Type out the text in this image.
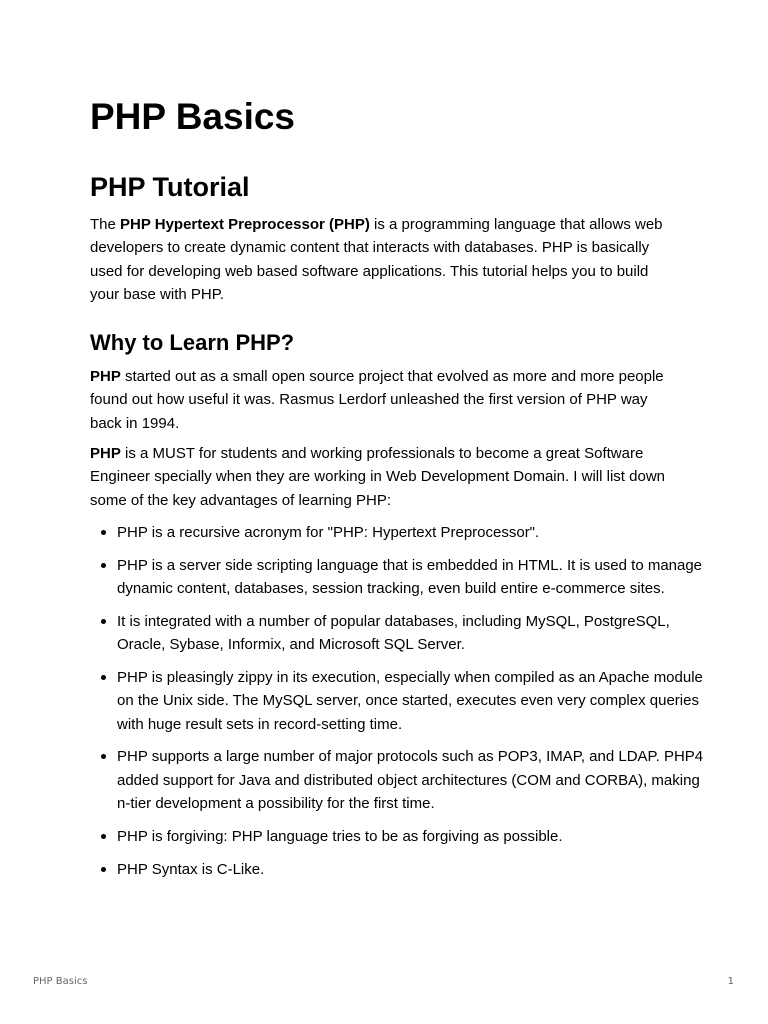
PHP Basics
PHP Tutorial

The PHP Hypertext Preprocessor (PHP) is a programming language that allows web developers to create dynamic content that interacts with databases. PHP is basically used for developing web based software applications. This tutorial helps you to build your base with PHP.

Why to Learn PHP?

PHP started out as a small open source project that evolved as more and more people found out how useful it was. Rasmus Lerdorf unleashed the first version of PHP way back in 1994.

PHP is a MUST for students and working professionals to become a great Software Engineer specially when they are working in Web Development Domain. I will list down some of the key advantages of learning PHP:

PHP is a recursive acronym for "PHP: Hypertext Preprocessor".
PHP is a server side scripting language that is embedded in HTML. It is used to manage dynamic content, databases, session tracking, even build entire e-commerce sites.
It is integrated with a number of popular databases, including MySQL, PostgreSQL, Oracle, Sybase, Informix, and Microsoft SQL Server.
PHP is pleasingly zippy in its execution, especially when compiled as an Apache module on the Unix side. The MySQL server, once started, executes even very complex queries with huge result sets in record-setting time.
PHP supports a large number of major protocols such as POP3, IMAP, and LDAP. PHP4 added support for Java and distributed object architectures (COM and CORBA), making n-tier development a possibility for the first time.
PHP is forgiving: PHP language tries to be as forgiving as possible.
PHP Syntax is C-Like.
PHP Basics	1
